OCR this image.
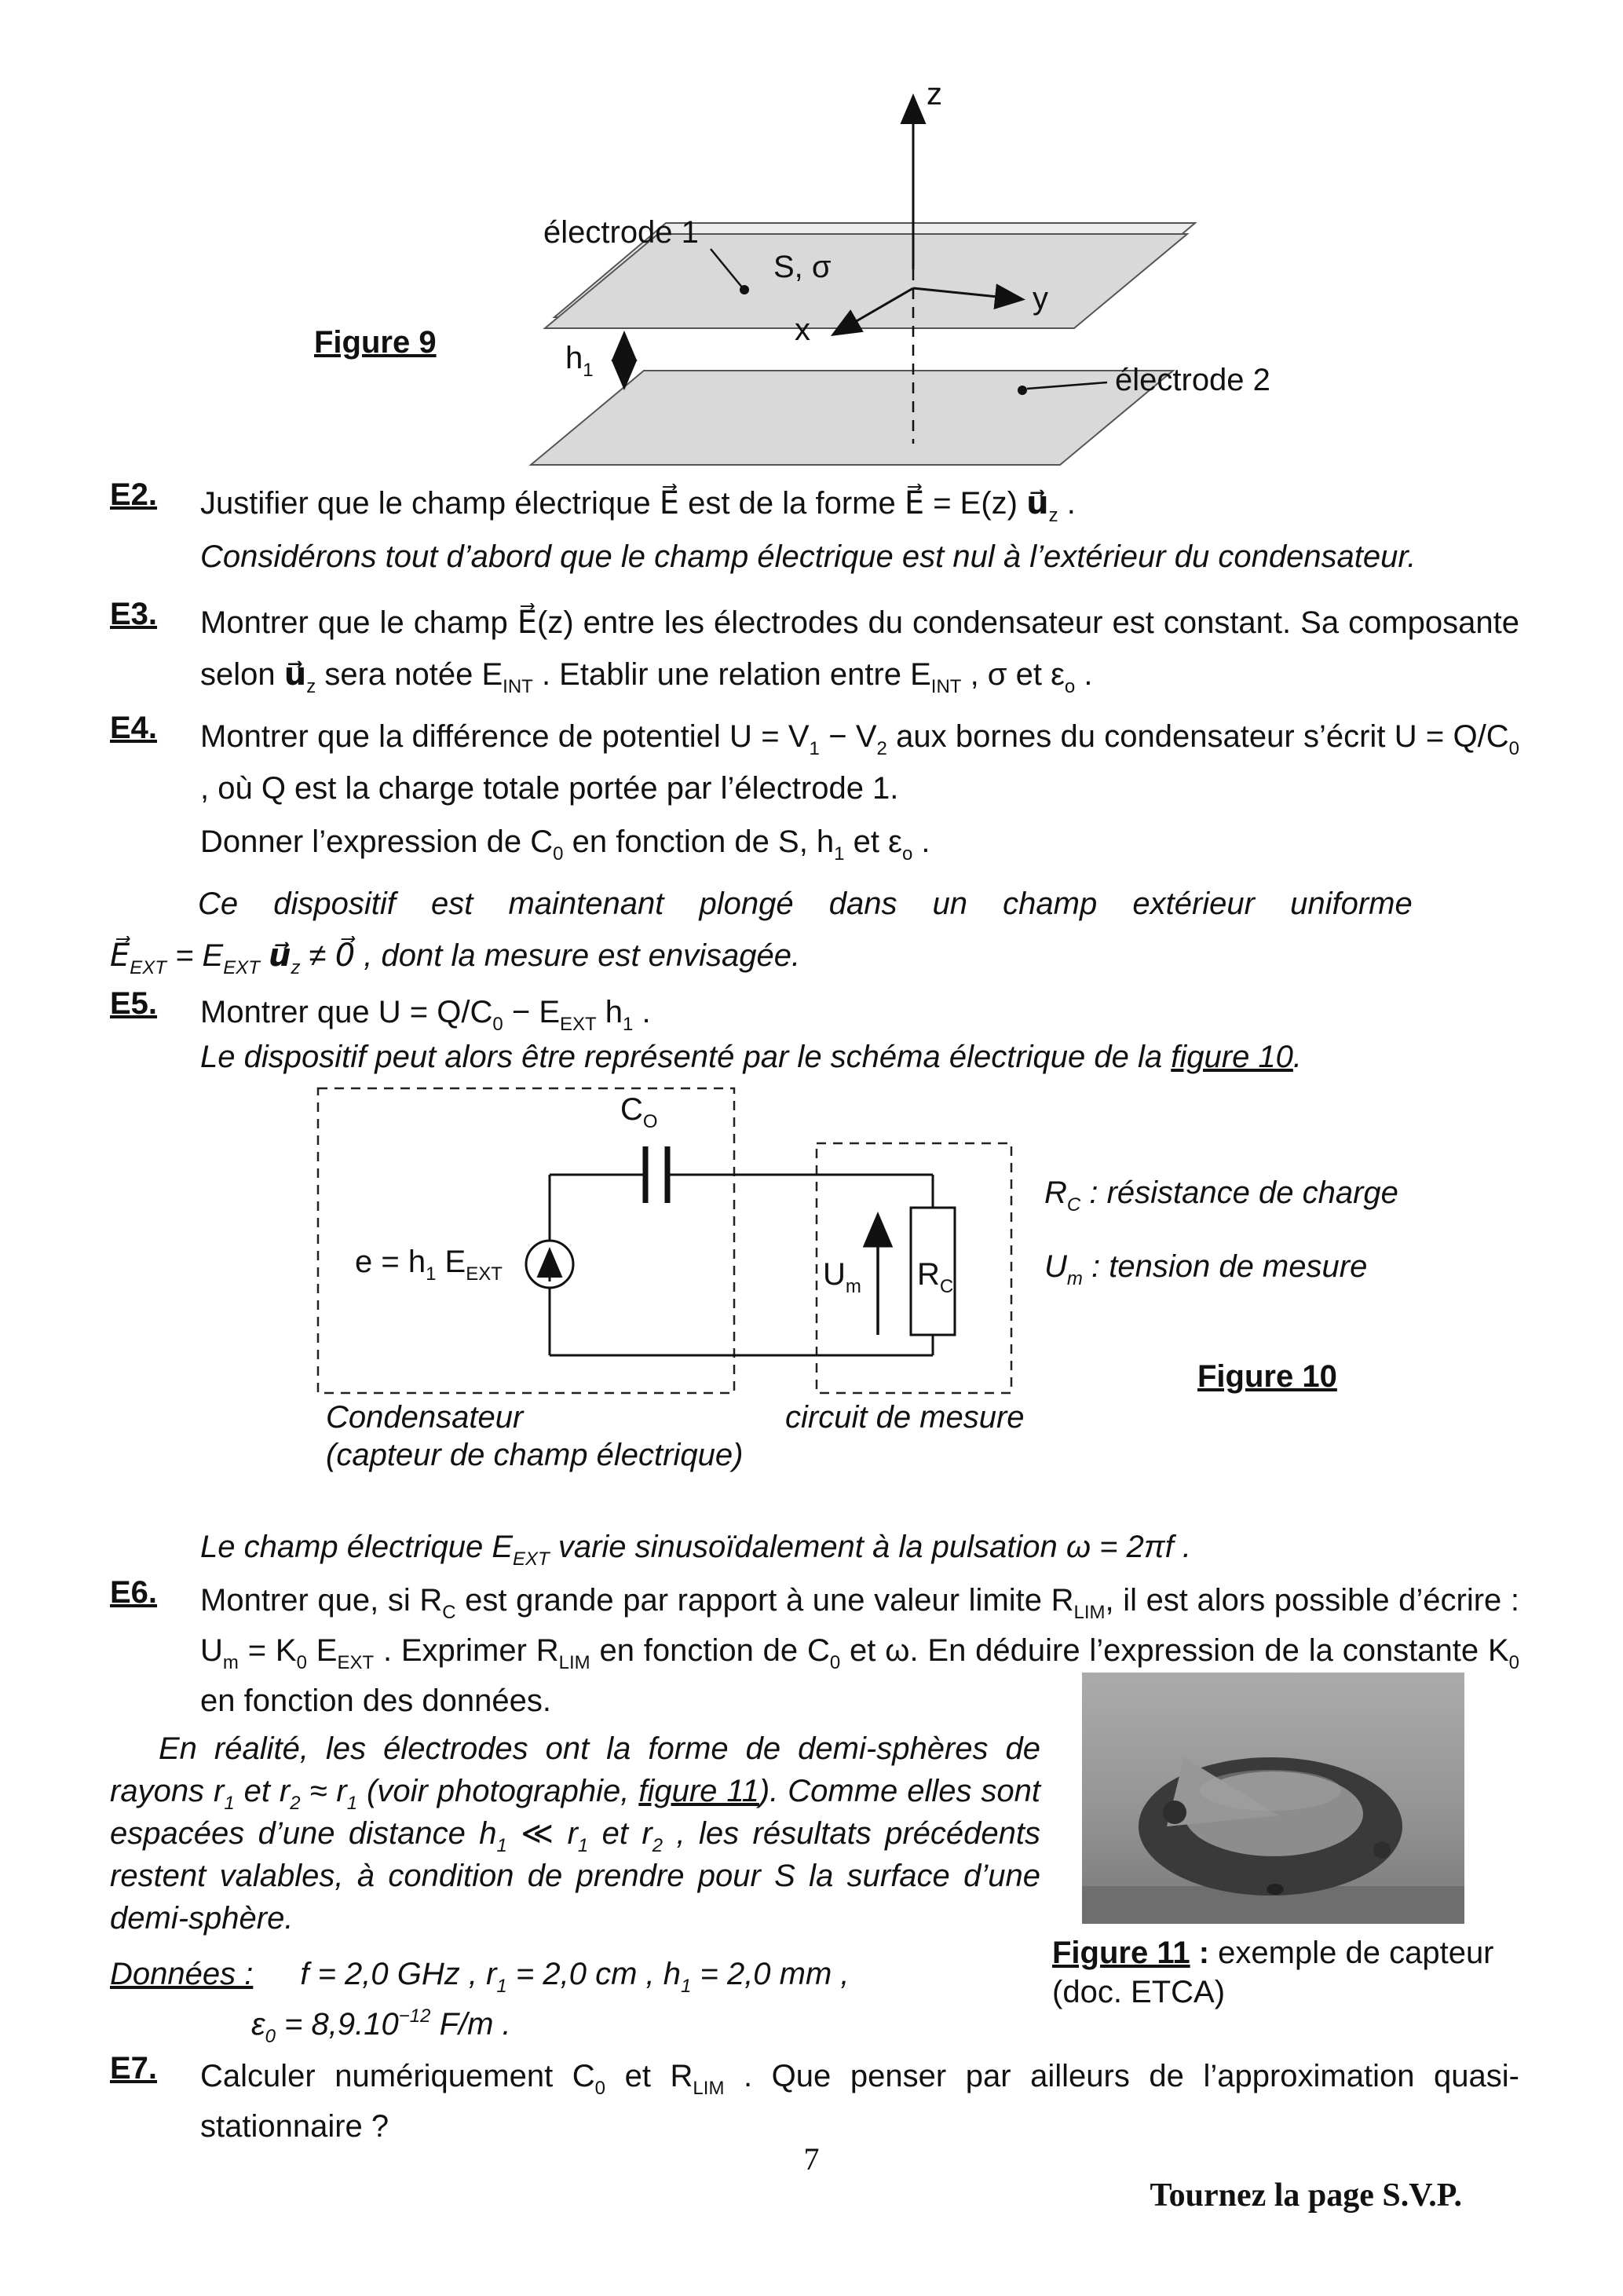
z
électrode 1
S, σ
y
x
Figure 9	$h_1$	électrode 2
E2. Justifier que le champ électrique E⃗ est de la forme E⃗ = E(z) $u⃗_z$ .

Considérons tout d’abord que le champ électrique est nul à l’extérieur du condensateur.

E3. Montrer que le champ E⃗(z) entre les électrodes du condensateur est constant. Sa composante selon $u⃗_z$ sera notée $E_{INT}$ . Etablir une relation entre $E_{INT}$ , σ et $\varepsilon_o$ .

E4. Montrer que la différence de potentiel $U = V_1 - V_2$ aux bornes du condensateur s’écrit $U = Q/C_0$ , où Q est la charge totale portée par l’électrode 1.

Donner l’expression de $C_0$ en fonction de S, $h_1$ et $\varepsilon_o$ .

Ce dispositif est maintenant plongé dans un champ extérieur uniforme
$E⃗_{EXT} = E_{EXT}$ $u⃗_z$ ≠ 0⃗ , dont la mesure est envisagée.
E5. Montrer que $U = Q/C_0 - E_{EXT}$ $h_1$ .

Le dispositif peut alors être représenté par le schéma électrique de la figure 10.
$C_O$
$e = h_1$ $E_{EXT}$	$U_m$ $R_C$
$R_C$ : résistance de charge
$U_m$ : tension de mesure
Figure 10
Condensateur
(capteur de champ électrique)
circuit de mesure
Le champ électrique $E_{EXT}$ varie sinusoïdalement à la pulsation ω = 2πf .
E6. Montrer que, si $R_C$ est grande par rapport à une valeur limite $R_{LIM}$, il est alors possible d’écrire : $U_m = K_0$ $E_{EXT}$ . Exprimer $R_{LIM}$ en fonction de $C_0$ et ω. En déduire l’expression de la constante $K_0$ en fonction des données.

En réalité, les électrodes ont la forme de demi-sphères de rayons $r_1$ et $r_2 \approx r_1$ (voir photographie, figure 11). Comme elles sont espacées d’une distance $h_1$ ≪ $r_1$ et $r_2$ , les résultats précédents restent valables, à condition de prendre pour S la surface d’une demi-sphère.

Données : f = 2,0 GHz , $r_1 = 2,0$ cm , $h_1 = 2,0$ mm ,

$\varepsilon_0 = 8,9.10^{-12}$ F/m .

Figure 11 : exemple de capteur
(doc. ETCA)
E7. Calculer numériquement $C_0$ et $R_{LIM}$ . Que penser par ailleurs de l’approximation quasi-stationnaire ?

7
Tournez la page S.V.P.
